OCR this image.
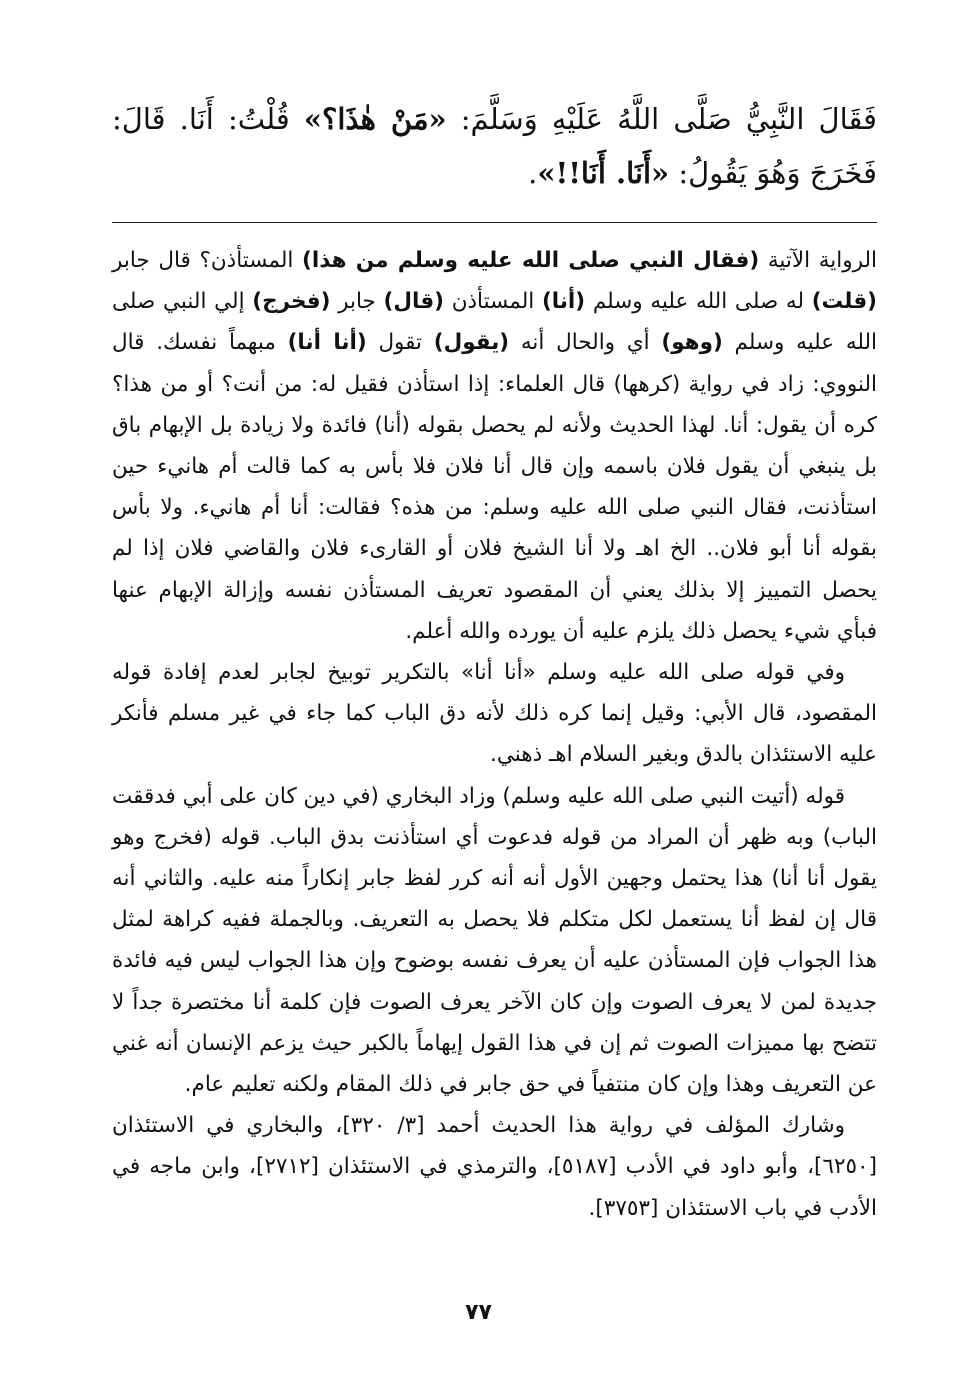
فَقَالَ النَّبِيُّ صَلَّى اللَّهُ عَلَيْهِ وَسَلَّمَ: «مَنْ هٰذَا؟» قُلْتُ: أَنَا. قَالَ: فَخَرَجَ وَهُوَ يَقُولُ: «أَنَا. أَنَا!!».

الرواية الآتية (فقال النبي صلى الله عليه وسلم من هذا) المستأذن؟ قال جابر (قلت) له صلى الله عليه وسلم (أنا) المستأذن (قال) جابر (فخرج) إلي النبي صلى الله عليه وسلم (وهو) أي والحال أنه (يقول) تقول (أنا أنا) مبهماً نفسك. قال النووي: زاد في رواية (كرهها) قال العلماء: إذا استأذن فقيل له: من أنت؟ أو من هذا؟ كره أن يقول: أنا. لهذا الحديث ولأنه لم يحصل بقوله (أنا) فائدة ولا زيادة بل الإبهام باق بل ينبغي أن يقول فلان باسمه وإن قال أنا فلان فلا بأس به كما قالت أم هانيء حين استأذنت، فقال النبي صلى الله عليه وسلم: من هذه؟ فقالت: أنا أم هانيء. ولا بأس بقوله أنا أبو فلان.. الخ اهـ ولا أنا الشيخ فلان أو القارىء فلان والقاضي فلان إذا لم يحصل التمييز إلا بذلك يعني أن المقصود تعريف المستأذن نفسه وإزالة الإبهام عنها فبأي شيء يحصل ذلك يلزم عليه أن يورده والله أعلم.

وفي قوله صلى الله عليه وسلم «أنا أنا» بالتكرير توبيخ لجابر لعدم إفادة قوله المقصود، قال الأبي: وقيل إنما كره ذلك لأنه دق الباب كما جاء في غير مسلم فأنكر عليه الاستئذان بالدق وبغير السلام اهـ ذهني.

قوله (أتيت النبي صلى الله عليه وسلم) وزاد البخاري (في دين كان على أبي فدققت الباب) وبه ظهر أن المراد من قوله فدعوت أي استأذنت بدق الباب. قوله (فخرج وهو يقول أنا أنا) هذا يحتمل وجهين الأول أنه أنه كرر لفظ جابر إنكاراً منه عليه. والثاني أنه قال إن لفظ أنا يستعمل لكل متكلم فلا يحصل به التعريف. وبالجملة ففيه كراهة لمثل هذا الجواب فإن المستأذن عليه أن يعرف نفسه بوضوح وإن هذا الجواب ليس فيه فائدة جديدة لمن لا يعرف الصوت وإن كان الآخر يعرف الصوت فإن كلمة أنا مختصرة جداً لا تتضح بها مميزات الصوت ثم إن في هذا القول إيهاماً بالكبر حيث يزعم الإنسان أنه غني عن التعريف وهذا وإن كان منتفياً في حق جابر في ذلك المقام ولكنه تعليم عام.

وشارك المؤلف في رواية هذا الحديث أحمد [٣/ ٣٢٠]، والبخاري في الاستئذان [٦٢٥٠]، وأبو داود في الأدب [٥١٨٧]، والترمذي في الاستئذان [٢٧١٢]، وابن ماجه في الأدب في باب الاستئذان [٣٧٥٣].

٧٧
